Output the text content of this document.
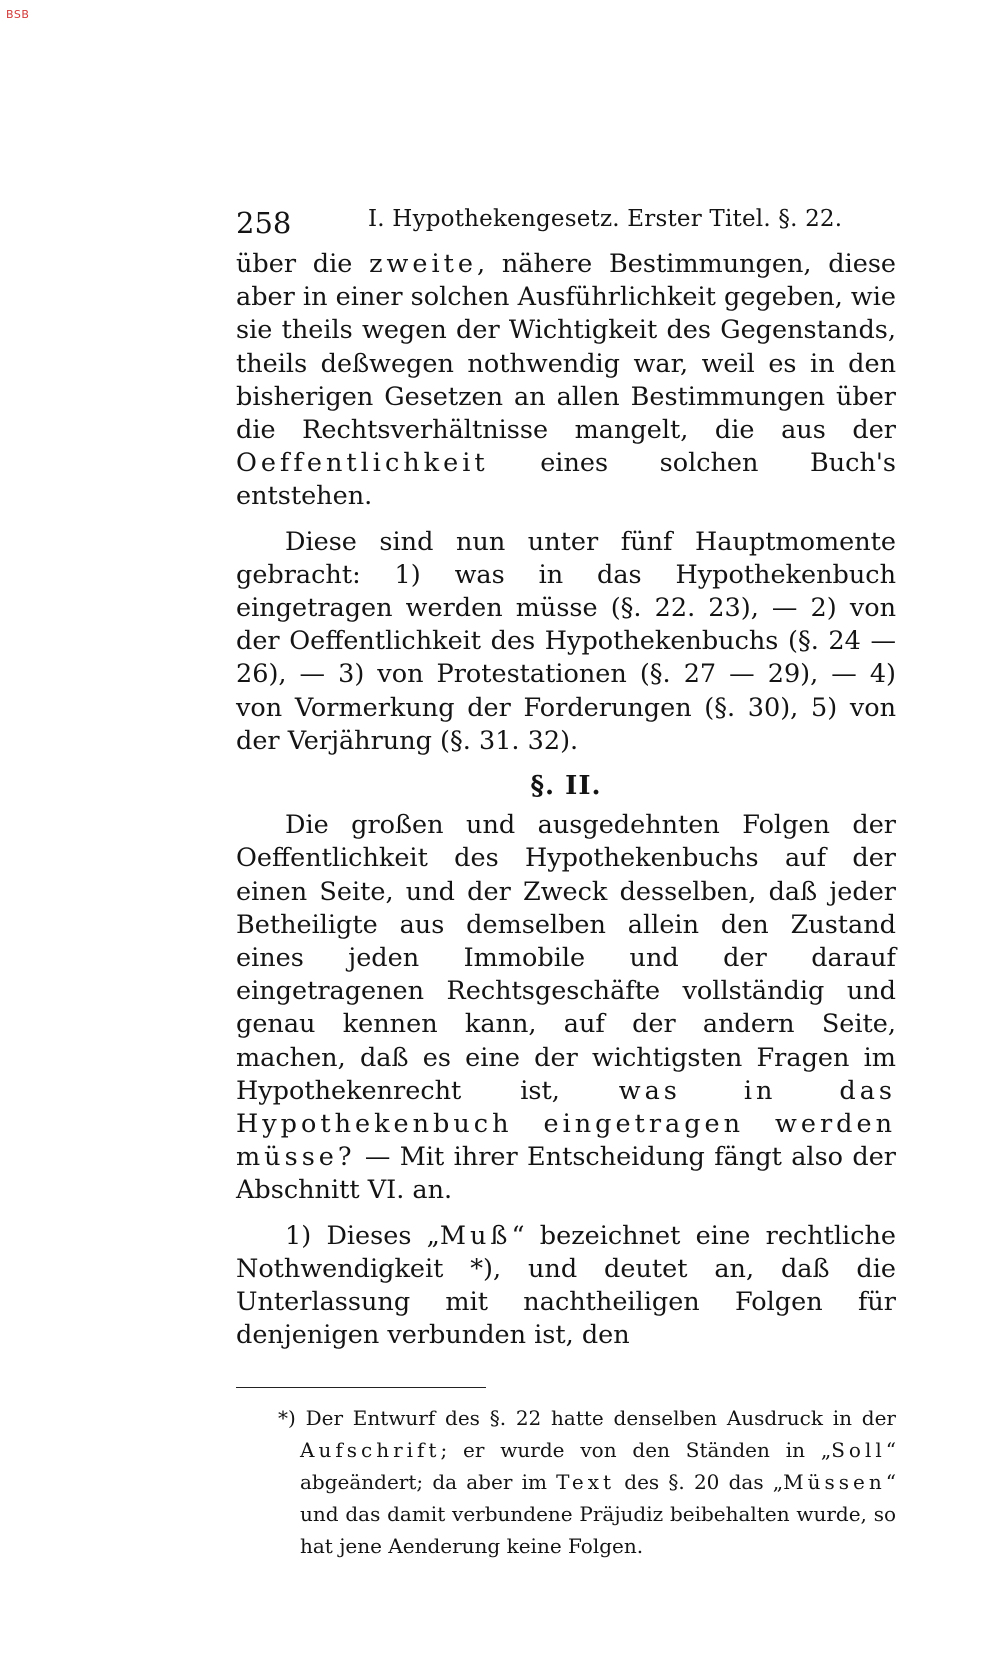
BSB
258	I. Hypothekengesetz. Erster Titel. §. 22.

über die zweite, nähere Bestimmungen, diese aber in einer solchen Ausführlichkeit gegeben, wie sie theils wegen der Wichtigkeit des Gegenstands, theils deßwegen nothwendig war, weil es in den bisherigen Gesetzen an allen Bestimmungen über die Rechtsverhältnisse mangelt, die aus der Oeffentlichkeit eines solchen Buch's entstehen.

Diese sind nun unter fünf Hauptmomente gebracht: 1) was in das Hypothekenbuch eingetragen werden müsse (§. 22. 23), — 2) von der Oeffentlichkeit des Hypothekenbuchs (§. 24 — 26), — 3) von Protestationen (§. 27 — 29), — 4) von Vormerkung der Forderungen (§. 30), 5) von der Verjährung (§. 31. 32).

§. II.

Die großen und ausgedehnten Folgen der Oeffentlichkeit des Hypothekenbuchs auf der einen Seite, und der Zweck desselben, daß jeder Betheiligte aus demselben allein den Zustand eines jeden Immobile und der darauf eingetragenen Rechtsgeschäfte vollständig und genau kennen kann, auf der andern Seite, machen, daß es eine der wichtigsten Fragen im Hypothekenrecht ist, was in das Hypothekenbuch eingetragen werden müsse? — Mit ihrer Entscheidung fängt also der Abschnitt VI. an.

1) Dieses „Muß“ bezeichnet eine rechtliche Nothwendigkeit *), und deutet an, daß die Unterlassung mit nachtheiligen Folgen für denjenigen verbunden ist, den

*) Der Entwurf des §. 22 hatte denselben Ausdruck in der Aufschrift; er wurde von den Ständen in „Soll“ abgeändert; da aber im Text des §. 20 das „Müssen“ und das damit verbundene Präjudiz beibehalten wurde, so hat jene Aenderung keine Folgen.
